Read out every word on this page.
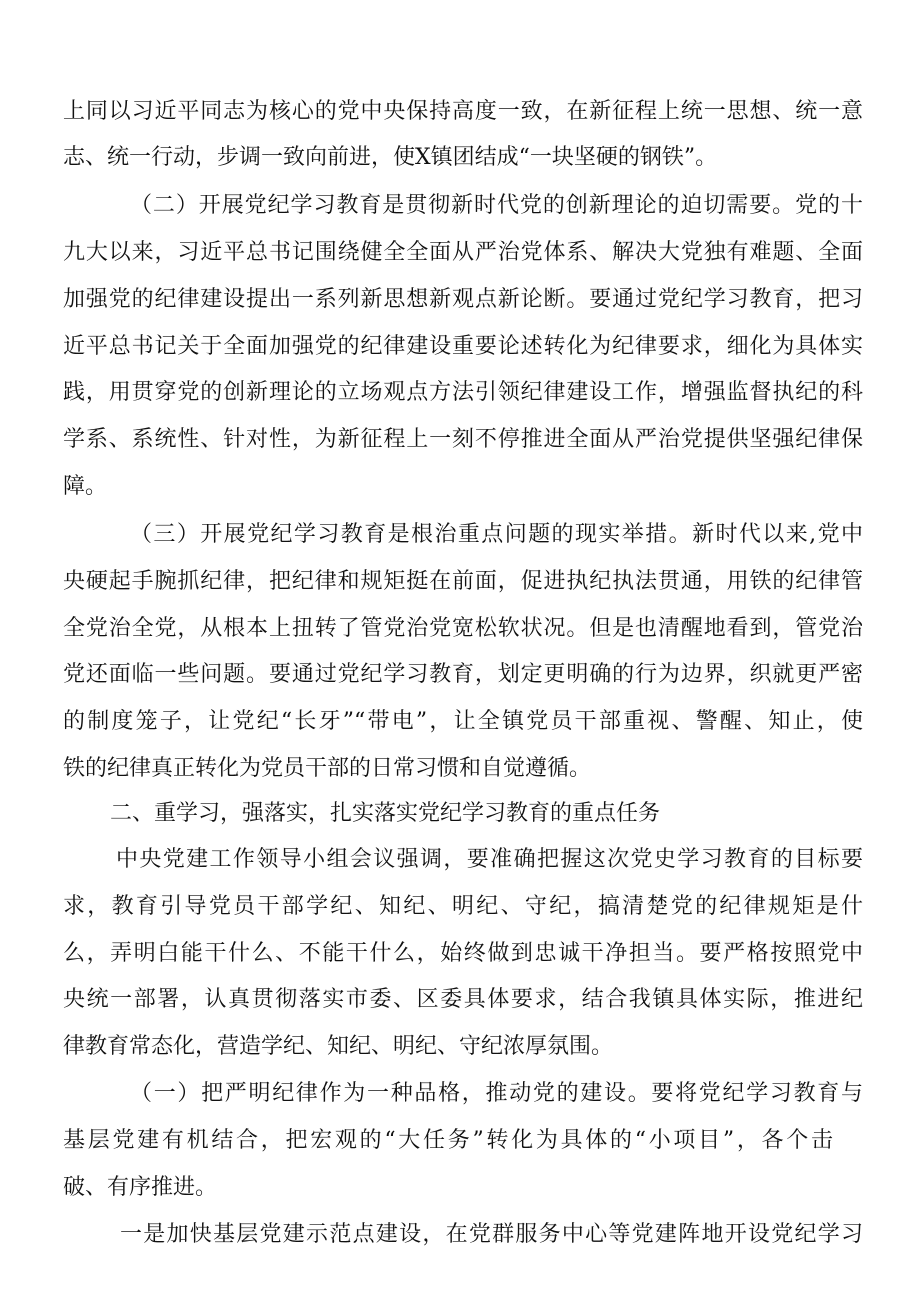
上同以习近平同志为核心的党中央保持高度一致，在新征程上统一思想、统一意
志、统一行动，步调一致向前进，使X镇团结成“一块坚硬的钢铁”。
（二）开展党纪学习教育是贯彻新时代党的创新理论的迫切需要。党的十
九大以来，习近平总书记围绕健全全面从严治党体系、解决大党独有难题、全面
加强党的纪律建设提出一系列新思想新观点新论断。要通过党纪学习教育，把习
近平总书记关于全面加强党的纪律建设重要论述转化为纪律要求，细化为具体实
践，用贯穿党的创新理论的立场观点方法引领纪律建设工作，增强监督执纪的科
学系、系统性、针对性，为新征程上一刻不停推进全面从严治党提供坚强纪律保
障。
（三）开展党纪学习教育是根治重点问题的现实举措。新时代以来,党中
央硬起手腕抓纪律，把纪律和规矩挺在前面，促进执纪执法贯通，用铁的纪律管
全党治全党，从根本上扭转了管党治党宽松软状况。但是也清醒地看到，管党治
党还面临一些问题。要通过党纪学习教育，划定更明确的行为边界，织就更严密
的制度笼子，让党纪“长牙”“带电”，让全镇党员干部重视、警醒、知止，使
铁的纪律真正转化为党员干部的日常习惯和自觉遵循。
二、重学习，强落实，扎实落实党纪学习教育的重点任务
中央党建工作领导小组会议强调，要准确把握这次党史学习教育的目标要
求，教育引导党员干部学纪、知纪、明纪、守纪，搞清楚党的纪律规矩是什
么，弄明白能干什么、不能干什么，始终做到忠诚干净担当。要严格按照党中
央统一部署，认真贯彻落实市委、区委具体要求，结合我镇具体实际，推进纪
律教育常态化，营造学纪、知纪、明纪、守纪浓厚氛围。
（一）把严明纪律作为一种品格，推动党的建设。要将党纪学习教育与
基层党建有机结合，把宏观的“大任务”转化为具体的“小项目”，各个击
破、有序推进。
一是加快基层党建示范点建设，在党群服务中心等党建阵地开设党纪学习
